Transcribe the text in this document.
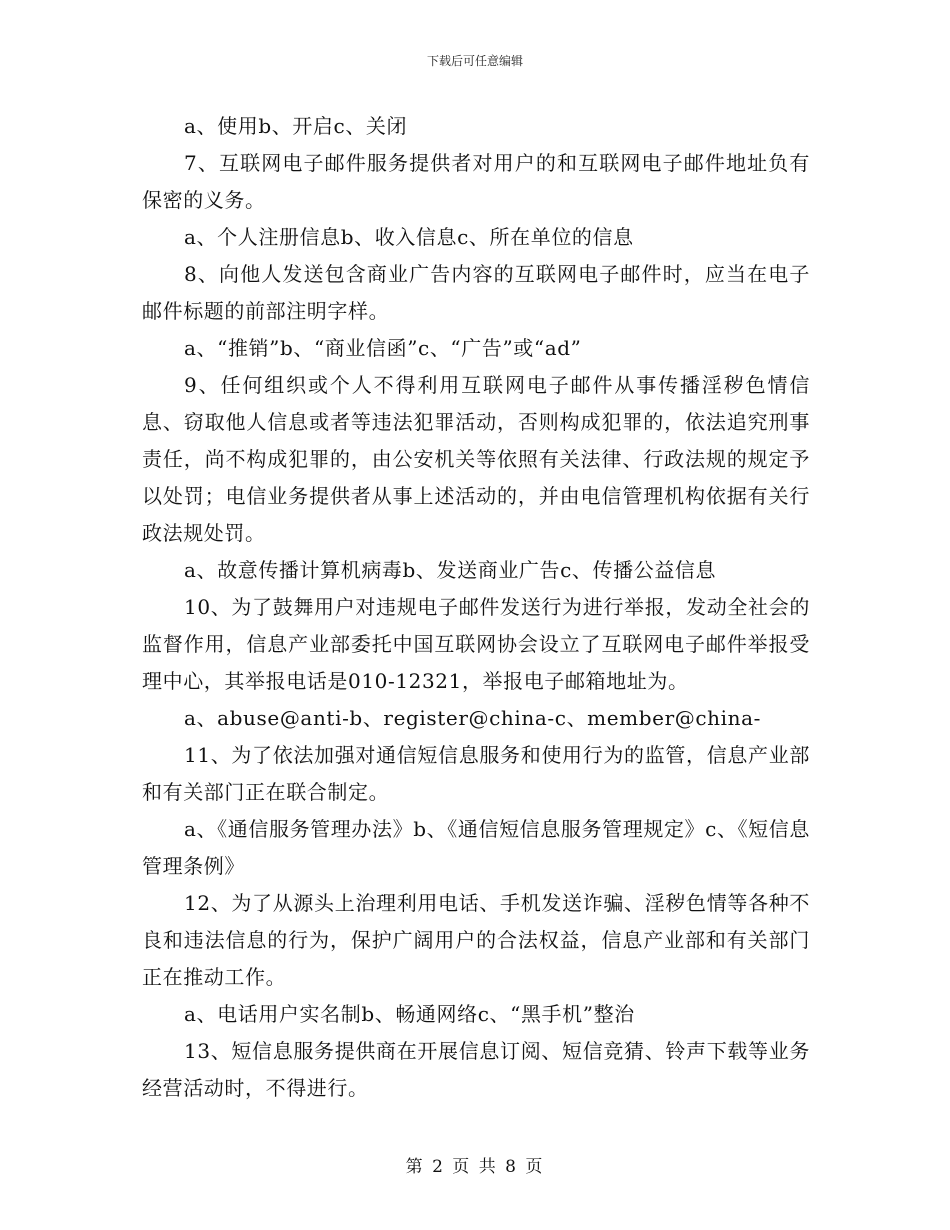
下载后可任意编辑

a、使用b、开启c、关闭

7、互联网电子邮件服务提供者对用户的和互联网电子邮件地址负有保密的义务。

a、个人注册信息b、收入信息c、所在单位的信息

8、向他人发送包含商业广告内容的互联网电子邮件时，应当在电子邮件标题的前部注明字样。

a、“推销”b、“商业信函”c、“广告”或“ad”

9、任何组织或个人不得利用互联网电子邮件从事传播淫秽色情信息、窃取他人信息或者等违法犯罪活动，否则构成犯罪的，依法追究刑事责任，尚不构成犯罪的，由公安机关等依照有关法律、行政法规的规定予以处罚；电信业务提供者从事上述活动的，并由电信管理机构依据有关行政法规处罚。

a、故意传播计算机病毒b、发送商业广告c、传播公益信息

10、为了鼓舞用户对违规电子邮件发送行为进行举报，发动全社会的监督作用，信息产业部委托中国互联网协会设立了互联网电子邮件举报受理中心，其举报电话是010-12321，举报电子邮箱地址为。

a、abuse@anti-b、register@china-c、member@china-

11、为了依法加强对通信短信息服务和使用行为的监管，信息产业部和有关部门正在联合制定。

a、《通信服务管理办法》b、《通信短信息服务管理规定》c、《短信息管理条例》

12、为了从源头上治理利用电话、手机发送诈骗、淫秽色情等各种不良和违法信息的行为，保护广阔用户的合法权益，信息产业部和有关部门正在推动工作。

a、电话用户实名制b、畅通网络c、“黑手机”整治

13、短信息服务提供商在开展信息订阅、短信竞猜、铃声下载等业务经营活动时，不得进行。

第 2 页 共 8 页
